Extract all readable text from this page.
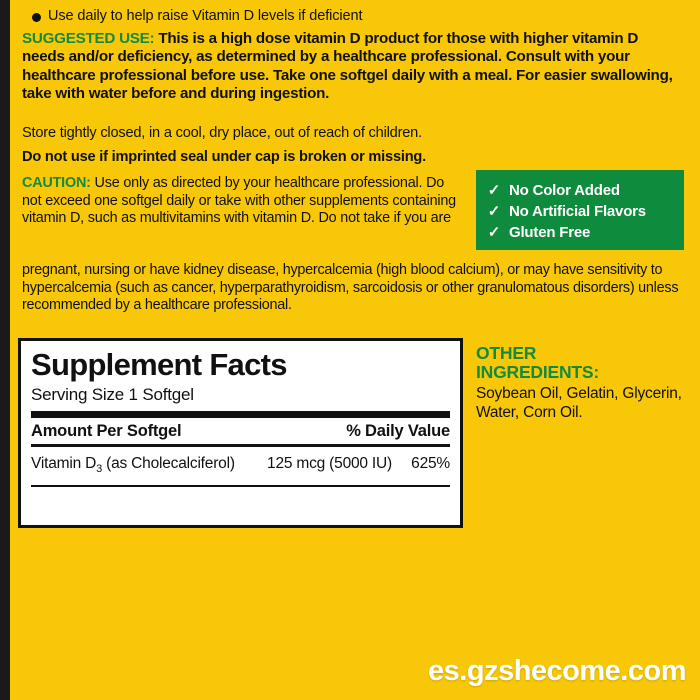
Use daily to help raise Vitamin D levels if deficient
SUGGESTED USE: This is a high dose vitamin D product for those with higher vitamin D needs and/or deficiency, as determined by a healthcare professional. Consult with your healthcare professional before use. Take one softgel daily with a meal. For easier swallowing, take with water before and during ingestion.
Store tightly closed, in a cool, dry place, out of reach of children.
Do not use if imprinted seal under cap is broken or missing.
CAUTION: Use only as directed by your healthcare professional. Do not exceed one softgel daily or take with other supplements containing vitamin D, such as multivitamins with vitamin D. Do not take if you are
pregnant, nursing or have kidney disease, hypercalcemia (high blood calcium), or may have sensitivity to hypercalcemia (such as cancer, hyperparathyroidism, sarcoidosis or other granulomatous disorders) unless recommended by a healthcare professional.
✓ No Color Added
✓ No Artificial Flavors
✓ Gluten Free
Supplement Facts
Serving Size 1 Softgel
Amount Per Softgel	% Daily Value
Vitamin $D_3$ (as Cholecalciferol) 125 mcg (5000 IU)	625%
OTHER
INGREDIENTS:
Soybean Oil, Gelatin, Glycerin, Water, Corn Oil.
es.gzshecome.com
